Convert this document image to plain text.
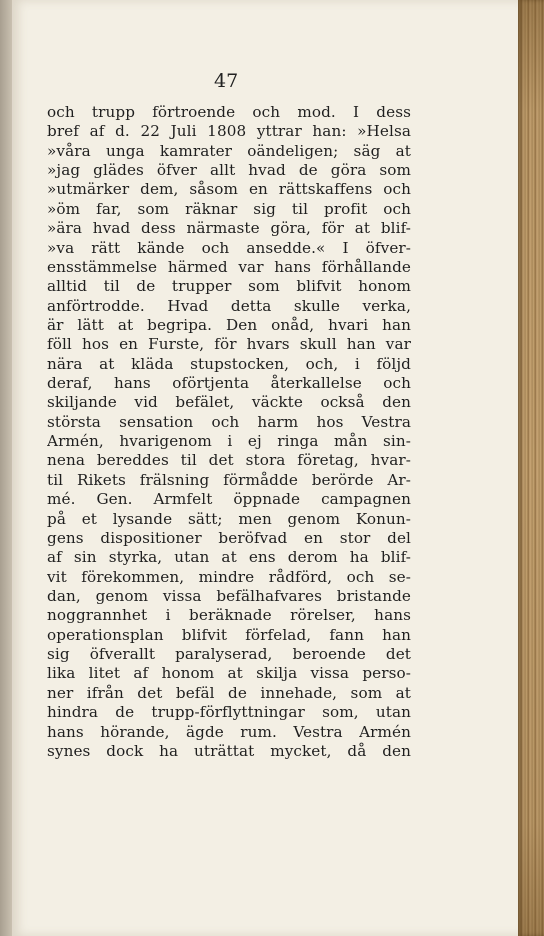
47
och trupp förtroende och mod. I dess
bref af d. 22 Juli 1808 yttrar han: »Helsa
»våra unga kamrater oändeligen; säg at
»jag glädes öfver allt hvad de göra som
»utmärker dem, såsom en rättskaffens och
»öm far, som räknar sig til profit och
»ära hvad dess närmaste göra, för at blif-
»va rätt kände och ansedde.« I öfver-
ensstämmelse härmed var hans förhållande
alltid til de trupper som blifvit honom
anförtrodde. Hvad detta skulle verka,
är lätt at begripa. Den onåd, hvari han
föll hos en Furste, för hvars skull han var
nära at kläda stupstocken, och, i följd
deraf, hans oförtjenta återkallelse och
skiljande vid befälet, väckte också den
största sensation och harm hos Vestra
Armén, hvarigenom i ej ringa mån sin-
nena bereddes til det stora företag, hvar-
til Rikets frälsning förmådde berörde Ar-
mé. Gen. Armfelt öppnade campagnen
på et lysande sätt; men genom Konun-
gens dispositioner beröfvad en stor del
af sin styrka, utan at ens derom ha blif-
vit förekommen, mindre rådförd, och se-
dan, genom vissa befälhafvares bristande
noggrannhet i beräknade rörelser, hans
operationsplan blifvit förfelad, fann han
sig öfverallt paralyserad, beroende det
lika litet af honom at skilja vissa perso-
ner ifrån det befäl de innehade, som at
hindra de trupp-förflyttningar som, utan
hans hörande, ägde rum. Vestra Armén
synes dock ha uträttat mycket, då den
